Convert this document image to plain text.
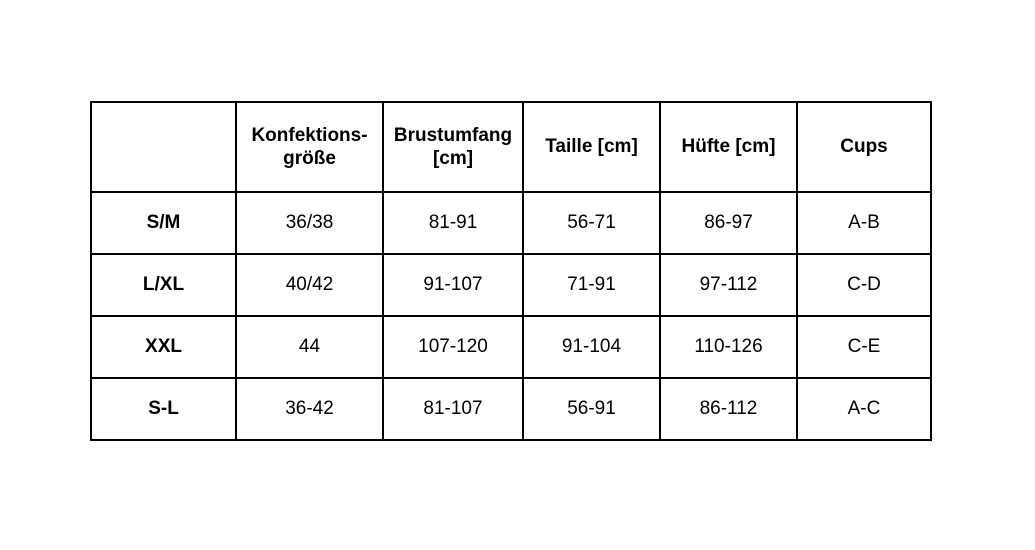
	Konfektions-größe	Brustumfang [cm]	Taille [cm]	Hüfte [cm]	Cups
S/M	36/38	81-91	56-71	86-97	A-B
L/XL	40/42	91-107	71-91	97-112	C-D
XXL	44	107-120	91-104	110-126	C-E
S-L	36-42	81-107	56-91	86-112	A-C
